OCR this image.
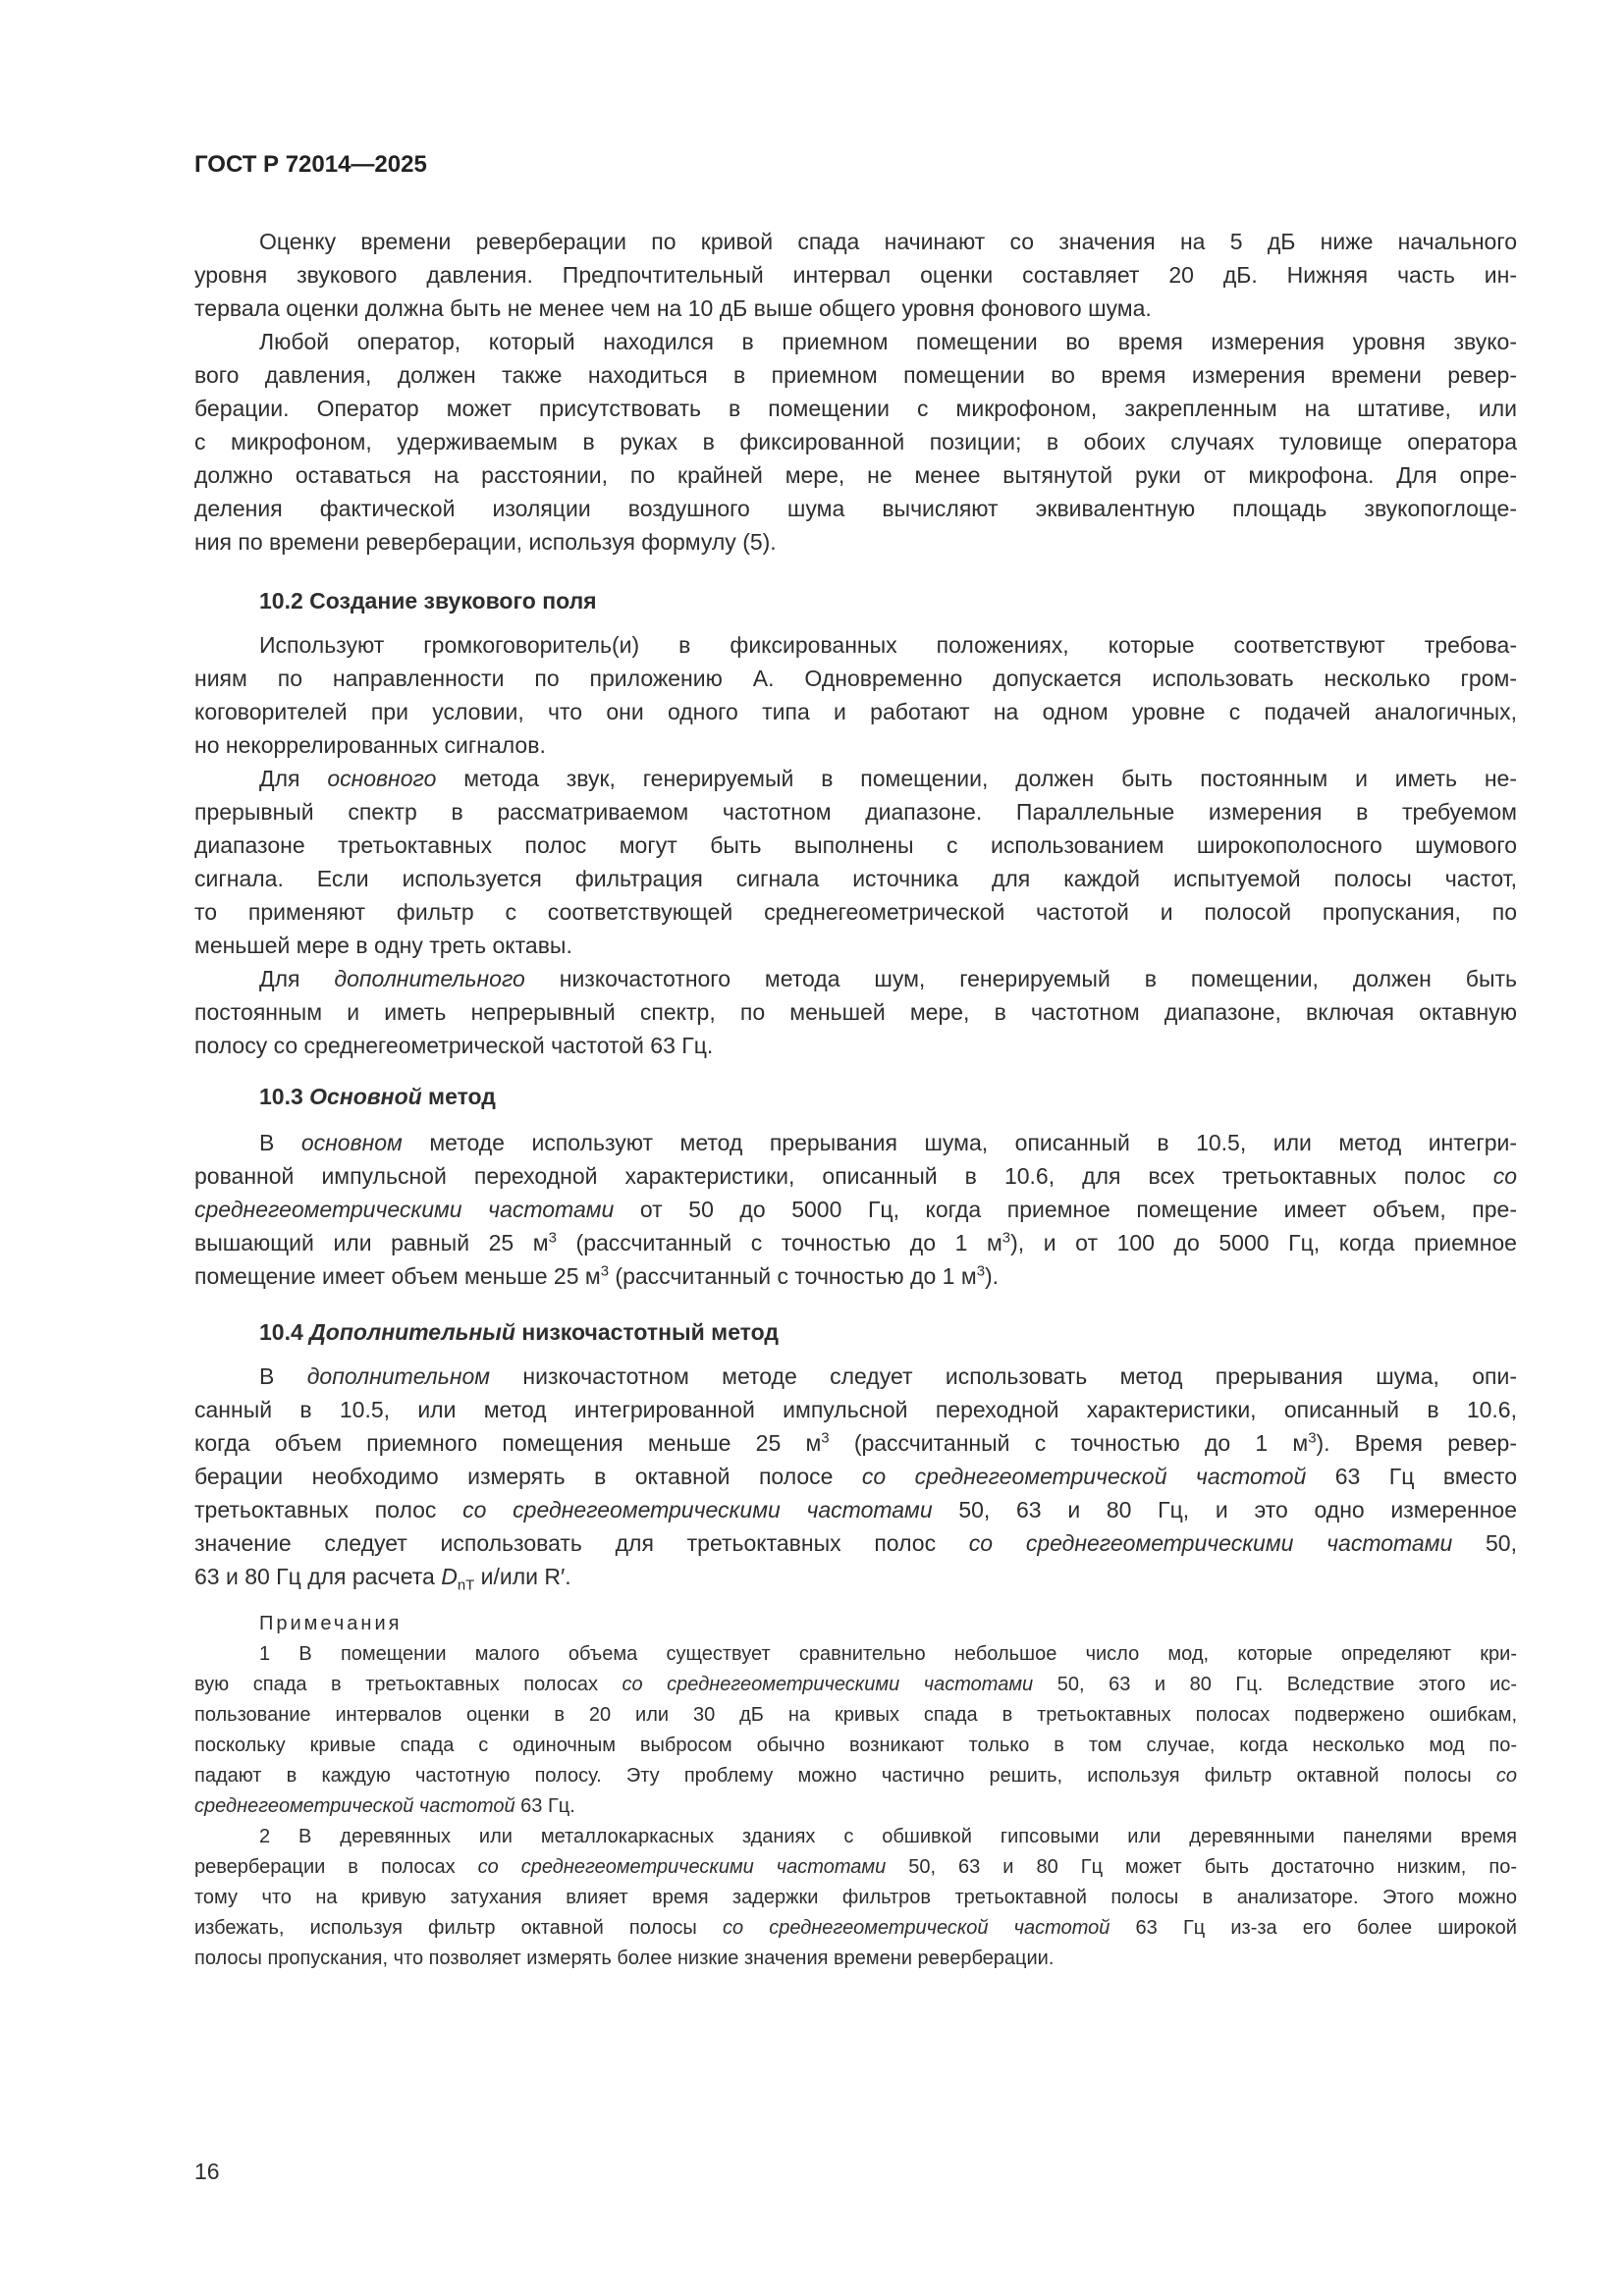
ГОСТ Р 72014—2025
Оценку времени реверберации по кривой спада начинают со значения на 5 дБ ниже начального
уровня звукового давления. Предпочтительный интервал оценки составляет 20 дБ. Нижняя часть ин-
тервала оценки должна быть не менее чем на 10 дБ выше общего уровня фонового шума.
Любой оператор, который находился в приемном помещении во время измерения уровня звуко-
вого давления, должен также находиться в приемном помещении во время измерения времени ревер-
берации. Оператор может присутствовать в помещении с микрофоном, закрепленным на штативе, или
с микрофоном, удерживаемым в руках в фиксированной позиции; в обоих случаях туловище оператора
должно оставаться на расстоянии, по крайней мере, не менее вытянутой руки от микрофона. Для опре-
деления фактической изоляции воздушного шума вычисляют эквивалентную площадь звукопоглоще-
ния по времени реверберации, используя формулу (5).
10.2 Создание звукового поля
Используют громкоговоритель(и) в фиксированных положениях, которые соответствуют требова-
ниям по направленности по приложению А. Одновременно допускается использовать несколько гром-
коговорителей при условии, что они одного типа и работают на одном уровне с подачей аналогичных,
но некоррелированных сигналов.
Для основного метода звук, генерируемый в помещении, должен быть постоянным и иметь не-
прерывный спектр в рассматриваемом частотном диапазоне. Параллельные измерения в требуемом
диапазоне третьоктавных полос могут быть выполнены с использованием широкополосного шумового
сигнала. Если используется фильтрация сигнала источника для каждой испытуемой полосы частот,
то применяют фильтр с соответствующей среднегеометрической частотой и полосой пропускания, по
меньшей мере в одну треть октавы.
Для дополнительного низкочастотного метода шум, генерируемый в помещении, должен быть
постоянным и иметь непрерывный спектр, по меньшей мере, в частотном диапазоне, включая октавную
полосу со среднегеометрической частотой 63 Гц.
10.3 Основной метод
В основном методе используют метод прерывания шума, описанный в 10.5, или метод интегри-
рованной импульсной переходной характеристики, описанный в 10.6, для всех третьоктавных полос со
среднегеометрическими частотами от 50 до 5000 Гц, когда приемное помещение имеет объем, пре-
вышающий или равный 25 $м^3$ (рассчитанный с точностью до 1 $м^3$), и от 100 до 5000 Гц, когда приемное
помещение имеет объем меньше 25 $м^3$ (рассчитанный с точностью до 1 $м^3$).
10.4 Дополнительный низкочастотный метод
В дополнительном низкочастотном методе следует использовать метод прерывания шума, опи-
санный в 10.5, или метод интегрированной импульсной переходной характеристики, описанный в 10.6,
когда объем приемного помещения меньше 25 $м^3$ (рассчитанный с точностью до 1 $м^3$). Время ревер-
берации необходимо измерять в октавной полосе со среднегеометрической частотой 63 Гц вместо
третьоктавных полос со среднегеометрическими частотами 50, 63 и 80 Гц, и это одно измеренное
значение следует использовать для третьоктавных полос со среднегеометрическими частотами 50,
63 и 80 Гц для расчета $D_{nT}$ и/или R′.
Примечания
1 В помещении малого объема существует сравнительно небольшое число мод, которые определяют кри-
вую спада в третьоктавных полосах со среднегеометрическими частотами 50, 63 и 80 Гц. Вследствие этого ис-
пользование интервалов оценки в 20 или 30 дБ на кривых спада в третьоктавных полосах подвержено ошибкам,
поскольку кривые спада с одиночным выбросом обычно возникают только в том случае, когда несколько мод по-
падают в каждую частотную полосу. Эту проблему можно частично решить, используя фильтр октавной полосы со
среднегеометрической частотой 63 Гц.
2 В деревянных или металлокаркасных зданиях с обшивкой гипсовыми или деревянными панелями время
реверберации в полосах со среднегеометрическими частотами 50, 63 и 80 Гц может быть достаточно низким, по-
тому что на кривую затухания влияет время задержки фильтров третьоктавной полосы в анализаторе. Этого можно
избежать, используя фильтр октавной полосы со среднегеометрической частотой 63 Гц из-за его более широкой
полосы пропускания, что позволяет измерять более низкие значения времени реверберации.
16
